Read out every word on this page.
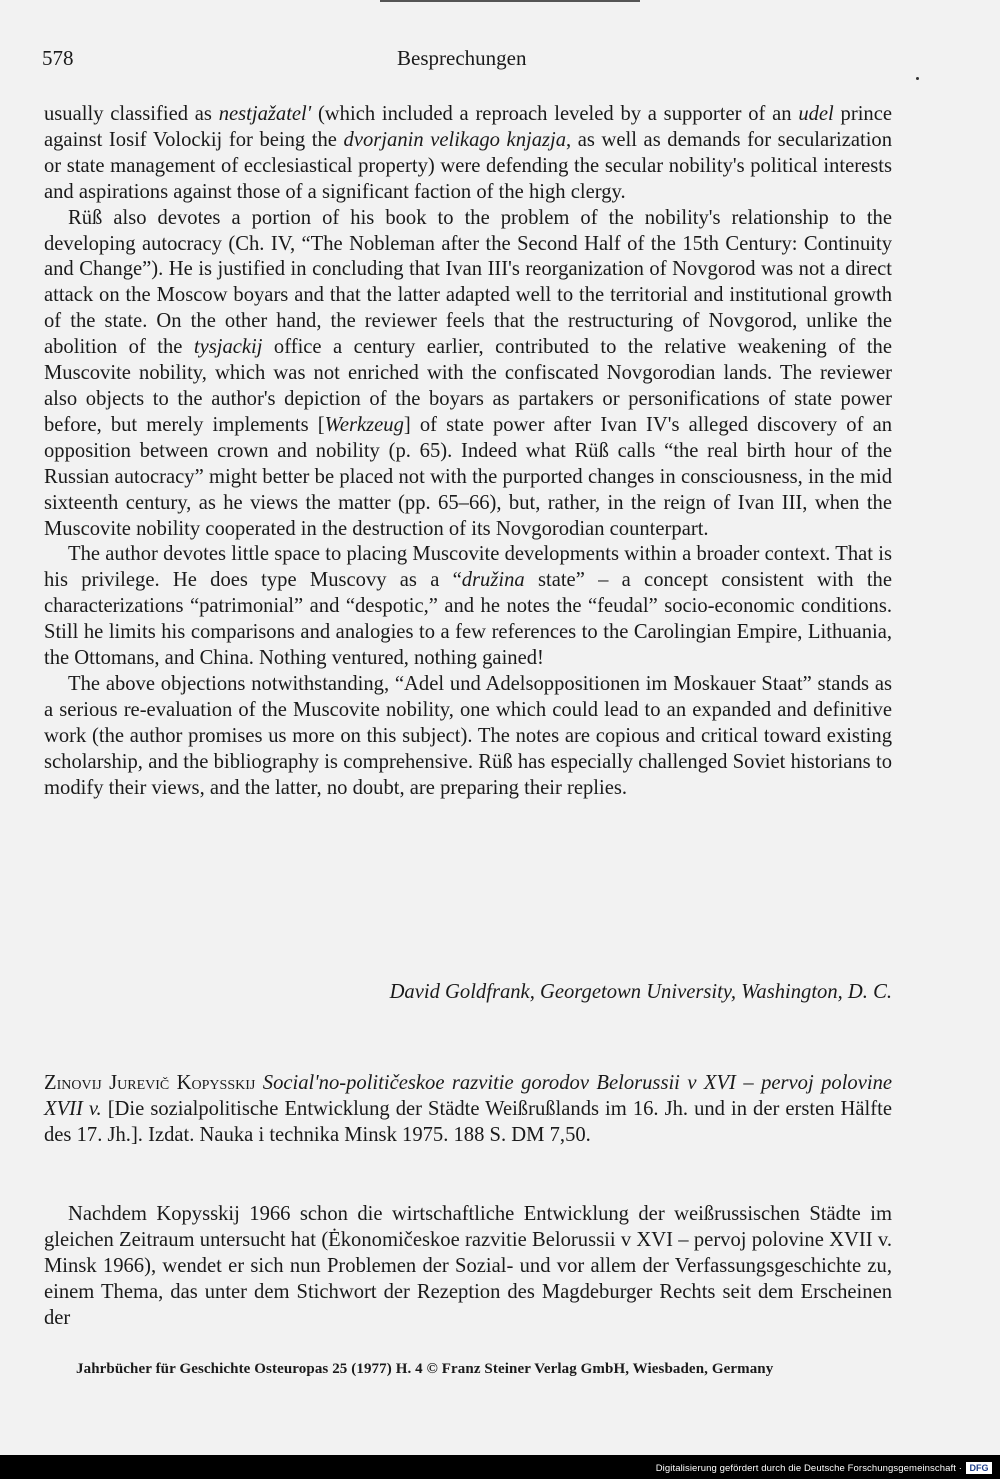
578	Besprechungen

usually classified as nestjažatel' (which included a reproach leveled by a supporter of an udel prince against Iosif Volockij for being the dvorjanin velikago knjazja, as well as demands for secularization or state management of ecclesiastical property) were defending the secular nobility's political interests and aspirations against those of a significant faction of the high clergy.

Rüß also devotes a portion of his book to the problem of the nobility's relationship to the developing autocracy (Ch. IV, “The Nobleman after the Second Half of the 15th Century: Continuity and Change”). He is justified in concluding that Ivan III's reorganization of Novgorod was not a direct attack on the Moscow boyars and that the latter adapted well to the territorial and institutional growth of the state. On the other hand, the reviewer feels that the restructuring of Novgorod, unlike the abolition of the tysjackij office a century earlier, contributed to the relative weakening of the Muscovite nobility, which was not enriched with the confiscated Novgorodian lands. The reviewer also objects to the author's depiction of the boyars as partakers or personifications of state power before, but merely implements [Werkzeug] of state power after Ivan IV's alleged discovery of an opposition between crown and nobility (p. 65). Indeed what Rüß calls “the real birth hour of the Russian autocracy” might better be placed not with the purported changes in consciousness, in the mid sixteenth century, as he views the matter (pp. 65–66), but, rather, in the reign of Ivan III, when the Muscovite nobility cooperated in the destruction of its Novgorodian counterpart.

The author devotes little space to placing Muscovite developments within a broader context. That is his privilege. He does type Muscovy as a “družina state” – a concept consistent with the characterizations “patrimonial” and “despotic,” and he notes the “feudal” socio-economic conditions. Still he limits his comparisons and analogies to a few references to the Carolingian Empire, Lithuania, the Ottomans, and China. Nothing ventured, nothing gained!

The above objections notwithstanding, “Adel und Adelsoppositionen im Moskauer Staat” stands as a serious re-evaluation of the Muscovite nobility, one which could lead to an expanded and definitive work (the author promises us more on this subject). The notes are copious and critical toward existing scholarship, and the bibliography is comprehensive. Rüß has especially challenged Soviet historians to modify their views, and the latter, no doubt, are preparing their replies.

David Goldfrank, Georgetown University, Washington, D. C.
Zinovij Jurevič Kopysskij Social'no-političeskoe razvitie gorodov Belorussii v XVI – pervoj polovine XVII v. [Die sozialpolitische Entwicklung der Städte Weißrußlands im 16. Jh. und in der ersten Hälfte des 17. Jh.]. Izdat. Nauka i technika Minsk 1975. 188 S. DM 7,50.

Nachdem Kopysskij 1966 schon die wirtschaftliche Entwicklung der weißrussischen Städte im gleichen Zeitraum untersucht hat (Ėkonomičeskoe razvitie Belorussii v XVI – pervoj polovine XVII v. Minsk 1966), wendet er sich nun Problemen der Sozial- und vor allem der Verfassungsgeschichte zu, einem Thema, das unter dem Stichwort der Rezeption des Magdeburger Rechts seit dem Erscheinen der

Jahrbücher für Geschichte Osteuropas 25 (1977) H. 4 © Franz Steiner Verlag GmbH, Wiesbaden, Germany
Digitalisierung gefördert durch die Deutsche Forschungsgemeinschaft · DFG
